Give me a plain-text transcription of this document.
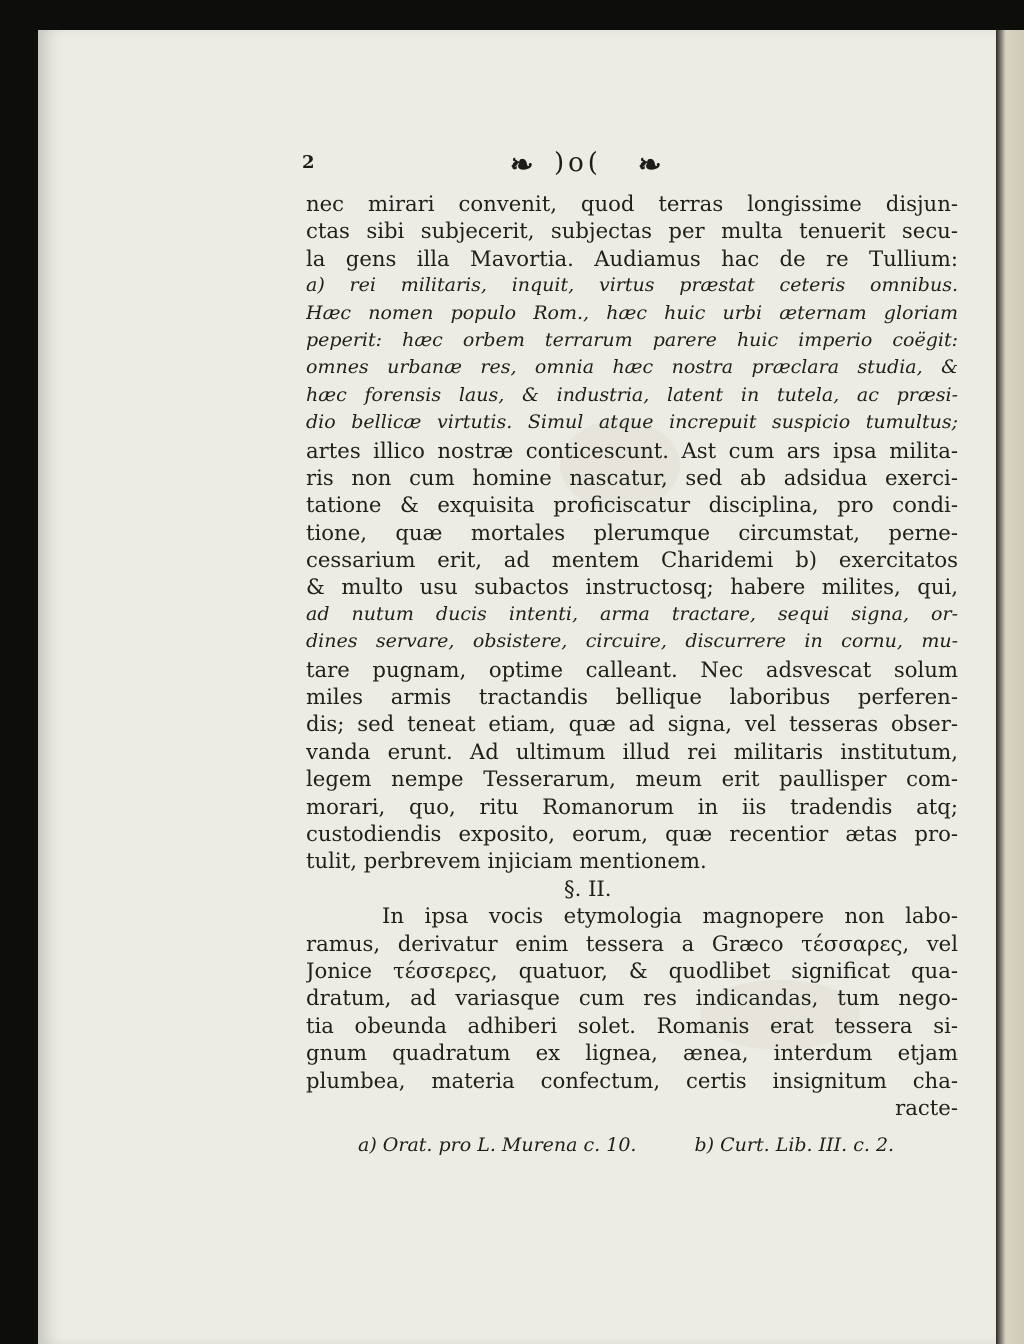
2	❧ )o( ❧
nec mirari convenit, quod terras longissime disjun-
ctas sibi subjecerit, subjectas per multa tenuerit secu-
la gens illa Mavortia. Audiamus hac de re Tullium:
a) rei militaris, inquit, virtus præstat ceteris omnibus.
Hæc nomen populo Rom., hæc huic urbi æternam gloriam
peperit: hæc orbem terrarum parere huic imperio coëgit:
omnes urbanæ res, omnia hæc nostra præclara studia, &
hæc forensis laus, & industria, latent in tutela, ac præsi-
dio bellicæ virtutis. Simul atque increpuit suspicio tumultus;
artes illico nostræ conticescunt. Ast cum ars ipsa milita-
ris non cum homine nascatur, sed ab adsidua exerci-
tatione & exquisita proficiscatur disciplina, pro condi-
tione, quæ mortales plerumque circumstat, perne-
cessarium erit, ad mentem Charidemi b) exercitatos
& multo usu subactos instructosq; habere milites, qui,
ad nutum ducis intenti, arma tractare, sequi signa, or-
dines servare, obsistere, circuire, discurrere in cornu, mu-
tare pugnam, optime calleant. Nec adsvescat solum
miles armis tractandis bellique laboribus perferen-
dis; sed teneat etiam, quæ ad signa, vel tesseras obser-
vanda erunt. Ad ultimum illud rei militaris institutum,
legem nempe Tesserarum, meum erit paullisper com-
morari, quo, ritu Romanorum in iis tradendis atq;
custodiendis exposito, eorum, quæ recentior ætas pro-
tulit, perbrevem injiciam mentionem.
§. II.
In ipsa vocis etymologia magnopere non labo-
ramus, derivatur enim tessera a Græco τέσσαρες, vel
Jonice τέσσερες, quatuor, & quodlibet significat qua-
dratum, ad variasque cum res indicandas, tum nego-
tia obeunda adhiberi solet. Romanis erat tessera si-
gnum quadratum ex lignea, ænea, interdum etjam
plumbea, materia confectum, certis insignitum cha-
racte-
a) Orat. pro L. Murena c. 10.	b) Curt. Lib. III. c. 2.
